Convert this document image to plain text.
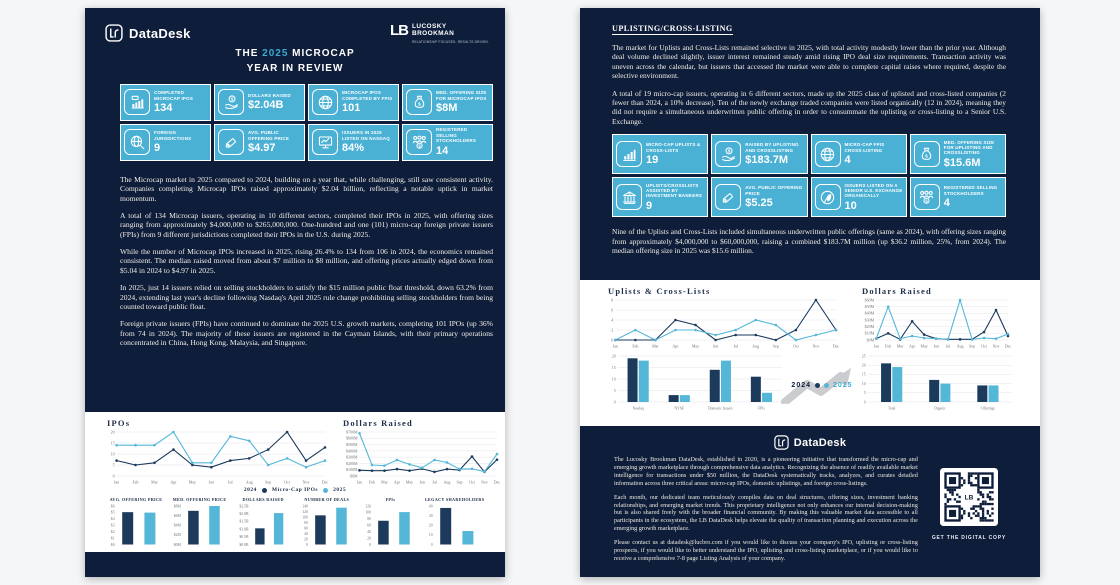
DataDesk	LB LUCOSKY
BROOKMAN
RELATIONSHIP FOCUSED. RESULTS DRIVEN.
THE 2025 MICROCAP
YEAR IN REVIEW
COMPLETED MICROCAP IPOS
134
$
DOLLARS RAISED
$2.04B
MICROCAP IPOS COMPLETED BY FPIS
101	$
MED. OFFERING SIZE FOR MICROCAP IPOS
$8M
FOREIGN JURISDICTIONS
9
AVG. PUBLIC OFFERING PRICE
$4.97
ISSUERS IN 2025 LISTED ON NASDAQ
84%	$
REGISTERED SELLING STOCKHOLDERS
14

The Microcap market in 2025 compared to 2024, building on a year that, while challenging, still saw consistent activity. Companies completing Microcap IPOs raised approximately $2.04 billion, reflecting a notable uptick in market momentum.

A total of 134 Microcap issuers, operating in 10 different sectors, completed their IPOs in 2025, with offering sizes ranging from approximately $4,000,000 to $265,000,000. One-hundred and one (101) micro-cap foreign private issuers (FPIs) from 9 different jurisdictions completed their IPOs in the U.S. during 2025.

While the number of Microcap IPOs increased in 2025, rising 26.4% to 134 from 106 in 2024, the economics remained consistent. The median raised moved from about $7 million to $8 million, and offering prices actually edged down from $5.04 in 2024 to $4.97 in 2025.

In 2025, just 14 issuers relied on selling stockholders to satisfy the $15 million public float threshold, down 63.2% from 2024, extending last year's decline following Nasdaq's April 2025 rule change prohibiting selling stockholders from being counted toward public float.

Foreign private issuers (FPIs) have continued to dominate the 2025 U.S. growth markets, completing 101 IPOs (up 36% from 74 in 2024). The majority of these issuers are registered in the Cayman Islands, with their primary operations concentrated in China, Hong Kong, Malaysia, and Singapore.

IPOs
0
5
10
15
20
Jan	Feb	Mar	Apr	May	Jun	Jul	Aug	Sep	Oct	Nov	Dec
Dollars Raised
$0M
$100M
$200M
$300M
$400M
$500M
$600M
$700M
Jan Feb Mar Apr May Jun Jul Aug Sep Oct Nov Dec
2024	Micro-Cap IPOs	2025
AVG. OFFERING PRICE
$0
$1
$2
$3
$4
$5
$6
MED. OFFERING PRICE
$0M
$2M
$4M
$6M
$8M
DOLLARS RAISED
$0.0B
$0.5B
$1.0B
$1.5B
$2.0B
$2.5B
NUMBER OF DEALS
0
20
40
60
80
100
120
140
FPIs
0
20
40
60
80
100
120
LEGACY SHAREHOLDERS
0
10
20
30
40
UPLISTING/CROSS-LISTING

The market for Uplists and Cross-Lists remained selective in 2025, with total activity modestly lower than the prior year. Although deal volume declined slightly, issuer interest remained steady amid rising IPO deal size requirements. Transaction activity was uneven across the calendar, but issuers that accessed the market were able to complete capital raises where required, despite the selective environment.

A total of 19 micro-cap issuers, operating in 6 different sectors, made up the 2025 class of uplisted and cross-listed companies (2 fewer than 2024, a 10% decrease). Ten of the newly exchange traded companies were listed organically (12 in 2024), meaning they did not require a simultaneous underwritten public offering in order to consummate the uplisting or cross-listing to a Senior U.S. Exchange.

MICRO-CAP UPLISTS & CROSS-LISTS
19
$
RAISED BY UPLISTING AND CROSSLISTING
$183.7M
MICRO-CAP FPIS CROSS-LISTING
4	$
MED. OFFERING SIZE FOR UPLISTING AND CROSSLISTING
$15.6M
$
UPLISTS/CROSSLISTS ASSISTED BY INVESTMENT BANKERS
9
AVG. PUBLIC OFFERING PRICE
$5.25
ISSUERS LISTED ON A SENIOR U.S. EXCHANGE ORGANICALLY
10	$
REGISTERED SELLING STOCKHOLDERS
4

Nine of the Uplists and Cross-Lists included simultaneous underwritten public offerings (same as 2024), with offering sizes ranging from approximately $4,000,000 to $60,000,000, raising a combined $183.7M million (up $36.2 million, 25%, from 2024). The median offering size in 2025 was $15.6 million.

Uplists & Cross-Lists
0
2
4
6
8
Jan	Feb	Mar	Apr	May	Jun	Jul	Aug	Sep	Oct	Nov	Dec
Dollars Raised
$0M
$10M
$20M
$30M
$40M
$50M
$60M
Jan Feb Mar Apr May Jun Jul Aug Sep Oct Nov Dec
0
5
10
15
20
Nasdaq	NYSE	Domestic Issuers	FPIs
2024	2025
0
5
10
15
20
25
Total	Organic	Offerings
DataDesk

The Lucosky Brookman DataDesk, established in 2020, is a pioneering initiative that transformed the micro-cap and emerging growth marketplace through comprehensive data analytics. Recognizing the absence of readily available market intelligence for transactions under $50 million, the DataDesk systematically tracks, analyzes, and curates detailed information across three critical areas: micro-cap IPOs, domestic uplistings, and foreign cross-listings.

Each month, our dedicated team meticulously compiles data on deal structures, offering sizes, investment banking relationships, and emerging market trends. This proprietary intelligence not only enhances our internal decision-making but is also shared freely with the broader financial community. By making this valuable market data accessible to all participants in the ecosystem, the LB DataDesk helps elevate the quality of transaction planning and execution across the emerging growth marketplace.

Please contact us at datadesk@lucbro.com if you would like to discuss your company's IPO, uplisting or cross-listing prospects, if you would like to better understand the IPO, uplisting and cross-listing marketplace, or if you would like to receive a comprehensive 7-8 page Listing Analysis of your company.

LB
GET THE DIGITAL COPY
